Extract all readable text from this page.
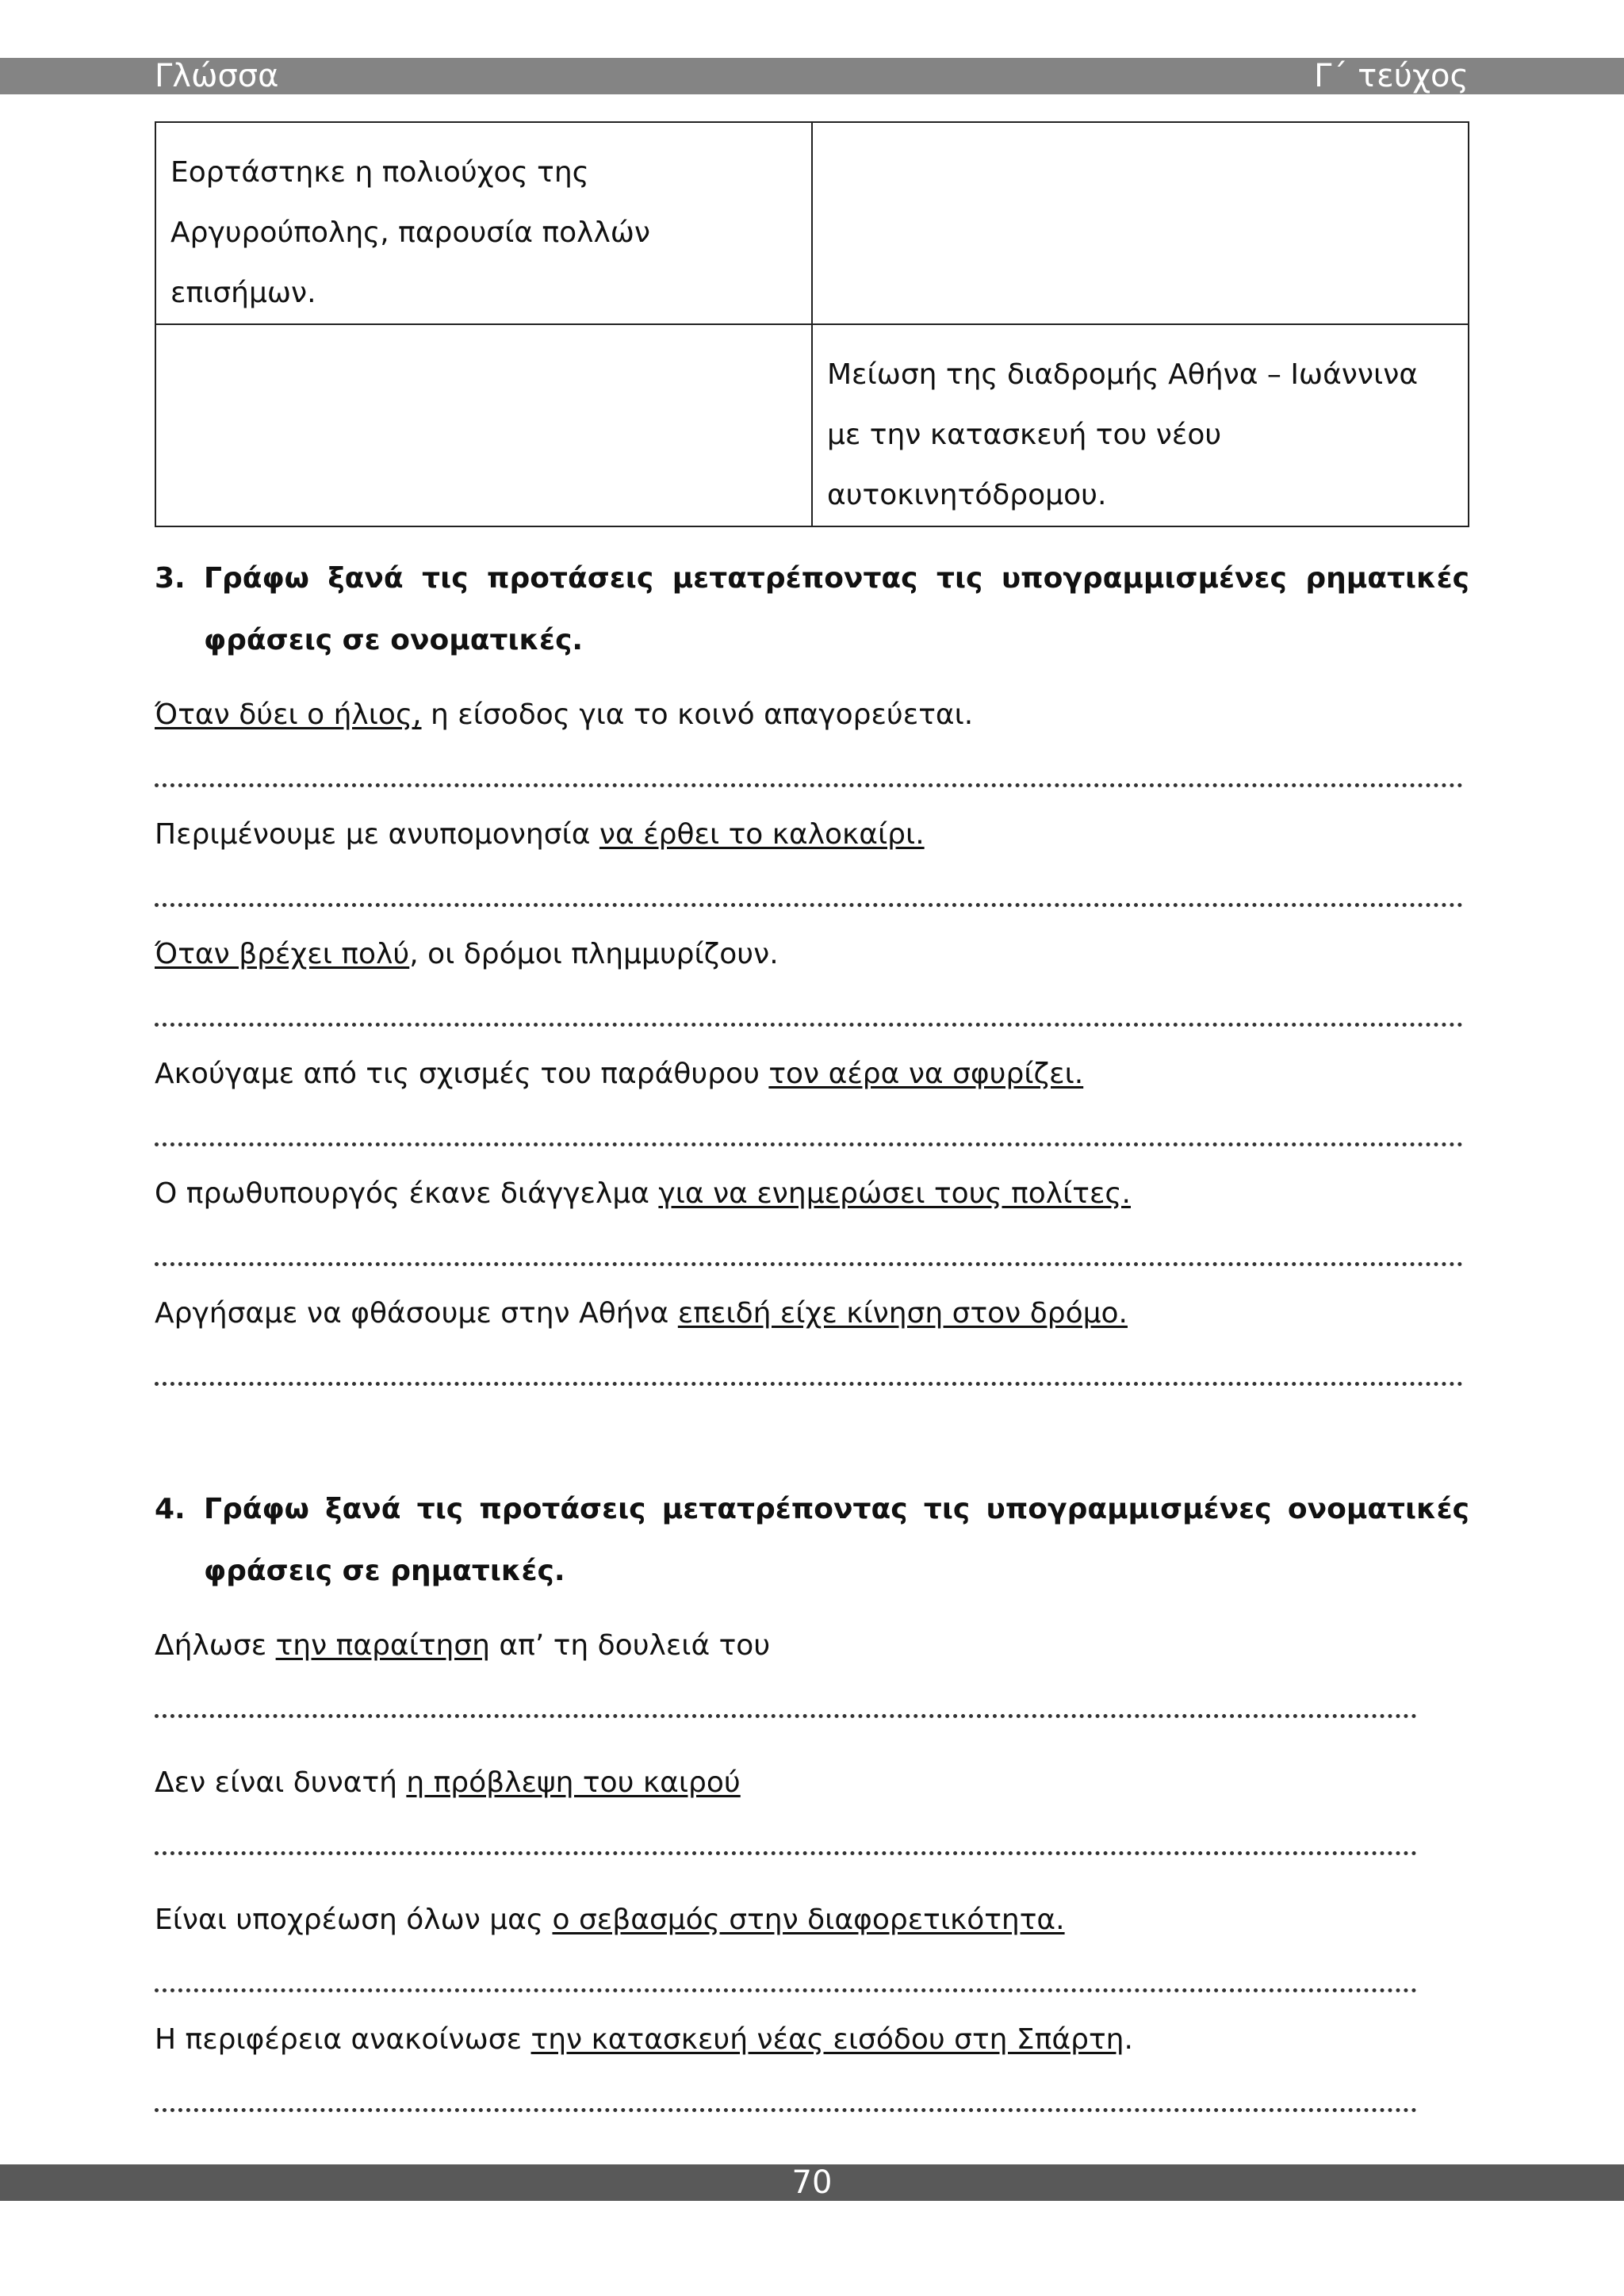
Γλώσσα	Γ΄ τεύχος
Εορτάστηκε η πολιούχος της Αργυρούπολης, παρουσία πολλών επισήμων.	
	Μείωση της διαδρομής Αθήνα – Ιωάννινα με την κατασκευή του νέου αυτοκινητόδρομου.
3. Γράφω ξανά τις προτάσεις μετατρέποντας τις υπογραμμισμένες ρηματικές φράσεις σε ονοματικές.
Όταν δύει ο ήλιος, η είσοδος για το κοινό απαγορεύεται.
Περιμένουμε με ανυπομονησία να έρθει το καλοκαίρι.
Όταν βρέχει πολύ, οι δρόμοι πλημμυρίζουν.
Ακούγαμε από τις σχισμές του παράθυρου τον αέρα να σφυρίζει.
Ο πρωθυπουργός έκανε διάγγελμα για να ενημερώσει τους πολίτες.
Αργήσαμε να φθάσουμε στην Αθήνα επειδή είχε κίνηση στον δρόμο.
4. Γράφω ξανά τις προτάσεις μετατρέποντας τις υπογραμμισμένες ονοματικές φράσεις σε ρηματικές.
Δήλωσε την παραίτηση απ’ τη δουλειά του
Δεν είναι δυνατή η πρόβλεψη του καιρού
Είναι υποχρέωση όλων μας ο σεβασμός στην διαφορετικότητα.
Η περιφέρεια ανακοίνωσε την κατασκευή νέας εισόδου στη Σπάρτη.
70
